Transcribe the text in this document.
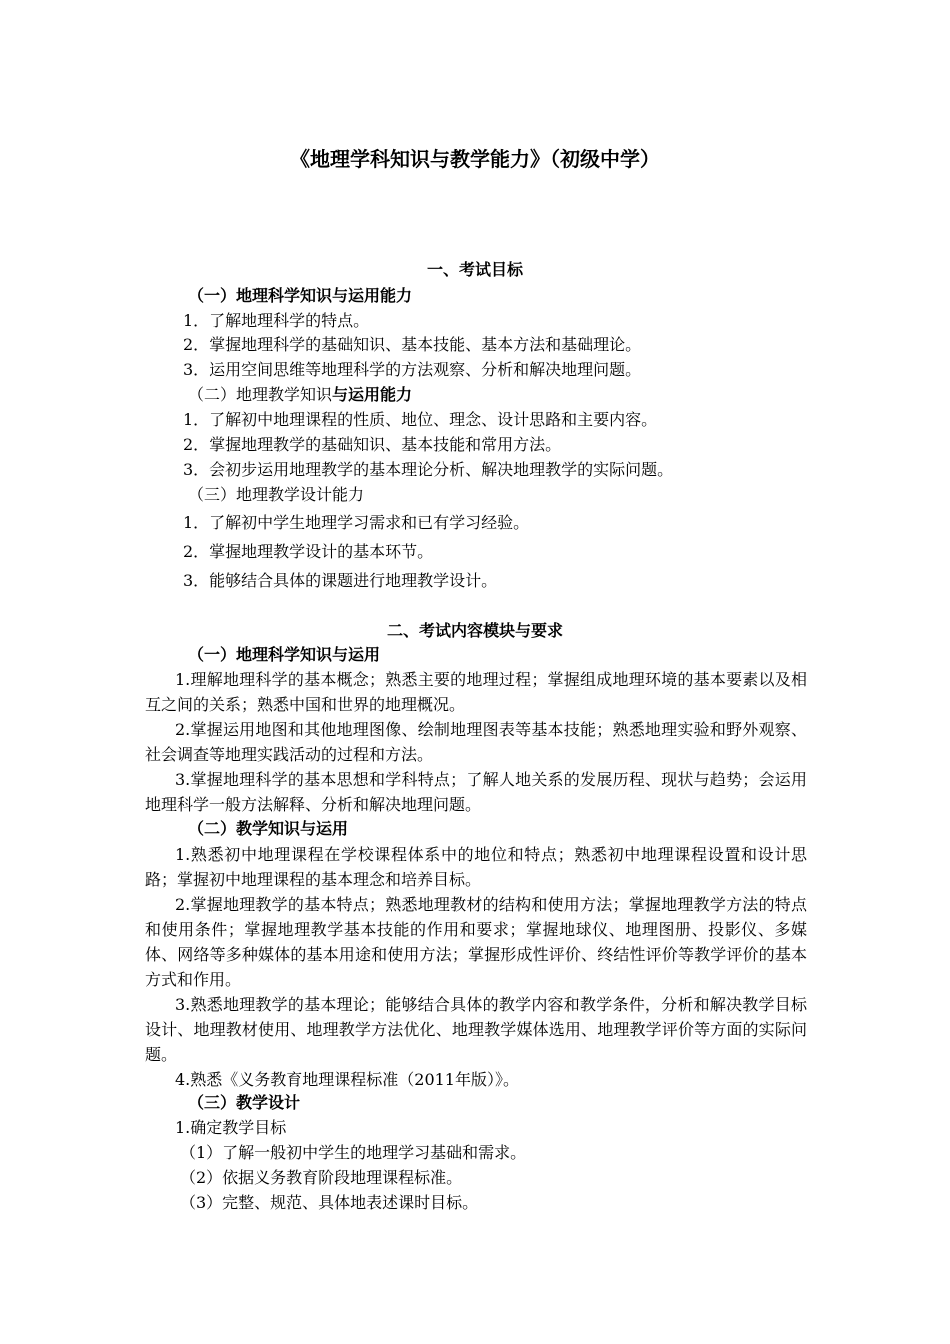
《地理学科知识与教学能力》（初级中学）
一、考试目标
（一）地理科学知识与运用能力
1．了解地理科学的特点。
2．掌握地理科学的基础知识、基本技能、基本方法和基础理论。
3．运用空间思维等地理科学的方法观察、分析和解决地理问题。
（二）地理教学知识与运用能力
1．了解初中地理课程的性质、地位、理念、设计思路和主要内容。
2．掌握地理教学的基础知识、基本技能和常用方法。
3．会初步运用地理教学的基本理论分析、解决地理教学的实际问题。
（三）地理教学设计能力
1．了解初中学生地理学习需求和已有学习经验。
2．掌握地理教学设计的基本环节。
3．能够结合具体的课题进行地理教学设计。
二、考试内容模块与要求
（一）地理科学知识与运用
1.理解地理科学的基本概念；熟悉主要的地理过程；掌握组成地理环境的基本要素以及相互之间的关系；熟悉中国和世界的地理概况。
2.掌握运用地图和其他地理图像、绘制地理图表等基本技能；熟悉地理实验和野外观察、社会调查等地理实践活动的过程和方法。
3.掌握地理科学的基本思想和学科特点；了解人地关系的发展历程、现状与趋势；会运用地理科学一般方法解释、分析和解决地理问题。
（二）教学知识与运用
1.熟悉初中地理课程在学校课程体系中的地位和特点；熟悉初中地理课程设置和设计思路；掌握初中地理课程的基本理念和培养目标。
2.掌握地理教学的基本特点；熟悉地理教材的结构和使用方法；掌握地理教学方法的特点和使用条件；掌握地理教学基本技能的作用和要求；掌握地球仪、地理图册、投影仪、多媒体、网络等多种媒体的基本用途和使用方法；掌握形成性评价、终结性评价等教学评价的基本方式和作用。
3.熟悉地理教学的基本理论；能够结合具体的教学内容和教学条件，分析和解决教学目标设计、地理教材使用、地理教学方法优化、地理教学媒体选用、地理教学评价等方面的实际问题。
4.熟悉《义务教育地理课程标准（2011年版）》。
（三）教学设计
1.确定教学目标
（1）了解一般初中学生的地理学习基础和需求。
（2）依据义务教育阶段地理课程标准。
（3）完整、规范、具体地表述课时目标。
